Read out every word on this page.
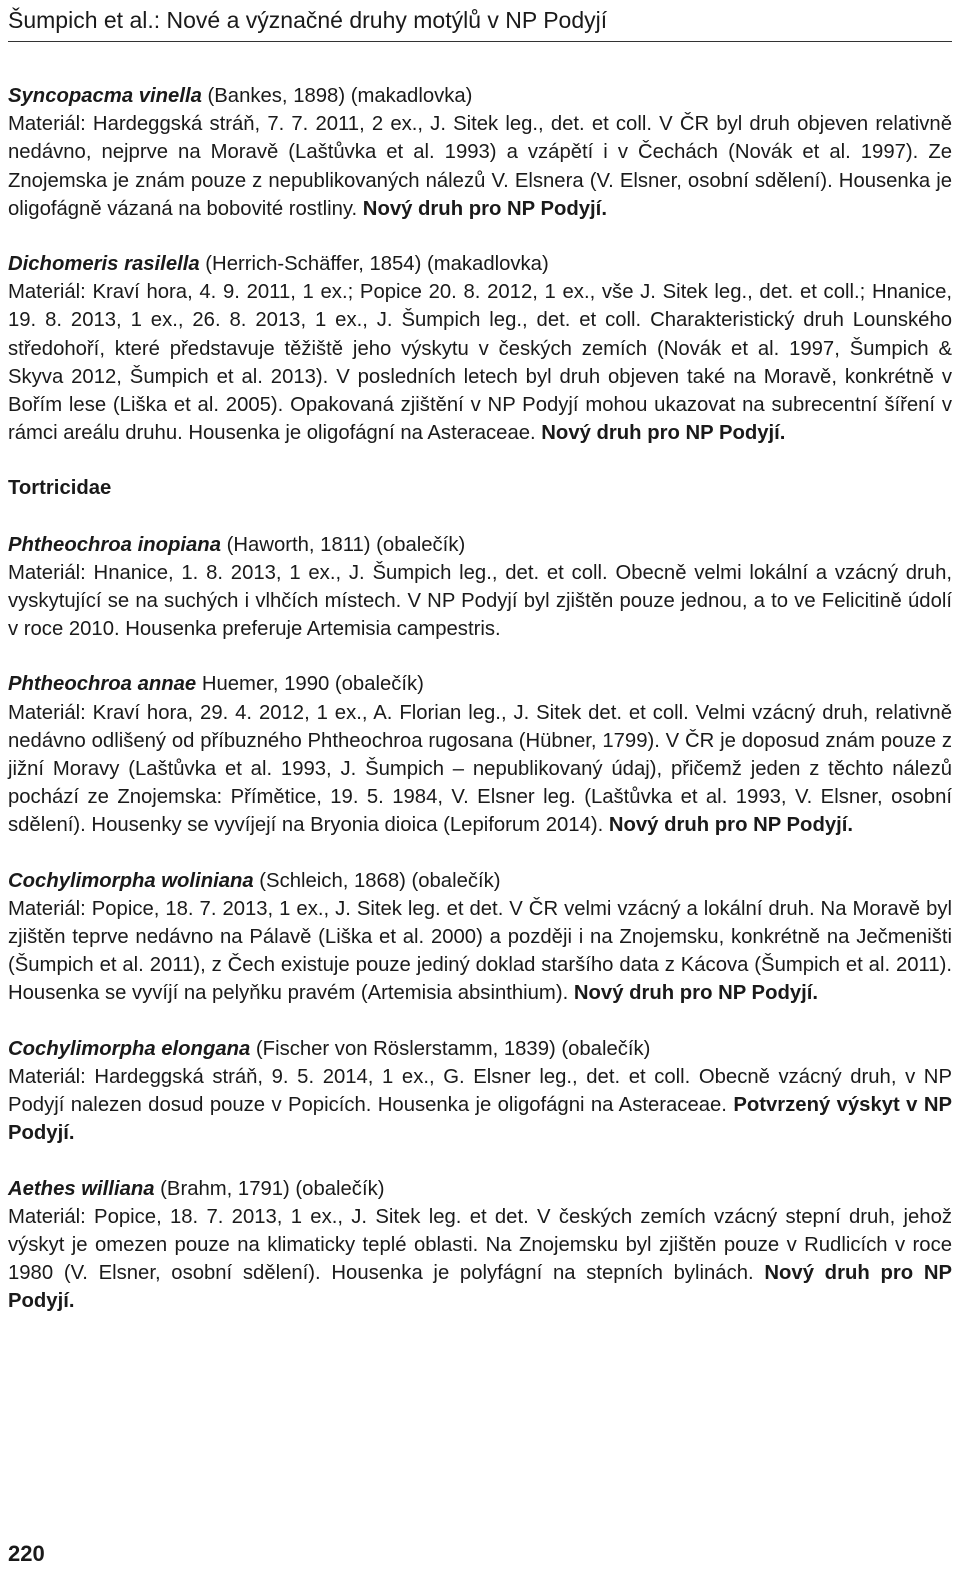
Šumpich et al.: Nové a význačné druhy motýlů v NP Podyjí

Syncopacma vinella (Bankes, 1898) (makadlovka)

Materiál: Hardeggská stráň, 7. 7. 2011, 2 ex., J. Sitek leg., det. et coll. V ČR byl druh objeven relativně nedávno, nejprve na Moravě (Laštůvka et al. 1993) a vzápětí i v Čechách (Novák et al. 1997). Ze Znojemska je znám pouze z nepublikovaných nálezů V. Elsnera (V. Elsner, osobní sdělení). Housenka je oligofágně vázaná na bobovité rostliny. Nový druh pro NP Podyjí.

Dichomeris rasilella (Herrich-Schäffer, 1854) (makadlovka)

Materiál: Kraví hora, 4. 9. 2011, 1 ex.; Popice 20. 8. 2012, 1 ex., vše J. Sitek leg., det. et coll.; Hnanice, 19. 8. 2013, 1 ex., 26. 8. 2013, 1 ex., J. Šumpich leg., det. et coll. Charakteristický druh Lounského středohoří, které představuje těžiště jeho výskytu v českých zemích (Novák et al. 1997, Šumpich & Skyva 2012, Šumpich et al. 2013). V posledních letech byl druh objeven také na Moravě, konkrétně v Bořím lese (Liška et al. 2005). Opakovaná zjištění v NP Podyjí mohou ukazovat na subrecentní šíření v rámci areálu druhu. Housenka je oligofágní na Asteraceae. Nový druh pro NP Podyjí.

Tortricidae

Phtheochroa inopiana (Haworth, 1811) (obalečík)

Materiál: Hnanice, 1. 8. 2013, 1 ex., J. Šumpich leg., det. et coll. Obecně velmi lokální a vzácný druh, vyskytující se na suchých i vlhčích místech. V NP Podyjí byl zjištěn pouze jednou, a to ve Felicitině údolí v roce 2010. Housenka preferuje Artemisia campestris.

Phtheochroa annae Huemer, 1990 (obalečík)

Materiál: Kraví hora, 29. 4. 2012, 1 ex., A. Florian leg., J. Sitek det. et coll. Velmi vzácný druh, relativně nedávno odlišený od příbuzného Phtheochroa rugosana (Hübner, 1799). V ČR je doposud znám pouze z jižní Moravy (Laštůvka et al. 1993, J. Šumpich – nepublikovaný údaj), přičemž jeden z těchto nálezů pochází ze Znojemska: Přímětice, 19. 5. 1984, V. Elsner leg. (Laštůvka et al. 1993, V. Elsner, osobní sdělení). Housenky se vyvíjejí na Bryonia dioica (Lepiforum 2014). Nový druh pro NP Podyjí.

Cochylimorpha woliniana (Schleich, 1868) (obalečík)

Materiál: Popice, 18. 7. 2013, 1 ex., J. Sitek leg. et det. V ČR velmi vzácný a lokální druh. Na Moravě byl zjištěn teprve nedávno na Pálavě (Liška et al. 2000) a později i na Znojemsku, konkrétně na Ječmeništi (Šumpich et al. 2011), z Čech existuje pouze jediný doklad staršího data z Kácova (Šumpich et al. 2011). Housenka se vyvíjí na pelyňku pravém (Artemisia absinthium). Nový druh pro NP Podyjí.

Cochylimorpha elongana (Fischer von Röslerstamm, 1839) (obalečík)

Materiál: Hardeggská stráň, 9. 5. 2014, 1 ex., G. Elsner leg., det. et coll. Obecně vzácný druh, v NP Podyjí nalezen dosud pouze v Popicích. Housenka je oligofágni na Asteraceae. Potvrzený výskyt v NP Podyjí.

Aethes williana (Brahm, 1791) (obalečík)

Materiál: Popice, 18. 7. 2013, 1 ex., J. Sitek leg. et det. V českých zemích vzácný stepní druh, jehož výskyt je omezen pouze na klimaticky teplé oblasti. Na Znojemsku byl zjištěn pouze v Rudlicích v roce 1980 (V. Elsner, osobní sdělení). Housenka je polyfágní na stepních bylinách. Nový druh pro NP Podyjí.

220
